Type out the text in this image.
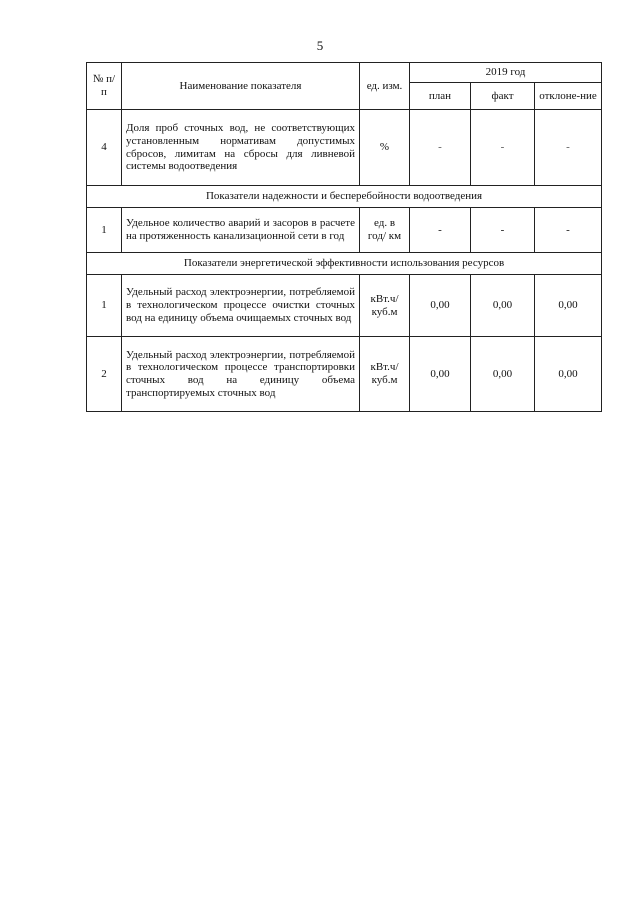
5
№ п/п	Наименование показателя	ед. изм.	2019 год		
			план	факт	отклоне-ние
4	Доля проб сточных вод, не соответствующих установленным нормативам допустимых сбросов, лимитам на сбросы для ливневой системы водоотведения	%	-	-	-
Показатели надежности и бесперебойности водоотведения					
1	Удельное количество аварий и засоров в расчете на протяженность канализационной сети в год	ед. в год/ км	-	-	-
Показатели энергетической эффективности использования ресурсов					
1	Удельный расход электроэнергии, потребляемой в технологическом процессе очистки сточных вод на единицу объема очищаемых сточных вод	кВт.ч/ куб.м	0,00	0,00	0,00
2	Удельный расход электроэнергии, потребляемой в технологическом процессе транспортировки сточных вод на единицу объема транспортируемых сточных вод	кВт.ч/ куб.м	0,00	0,00	0,00
